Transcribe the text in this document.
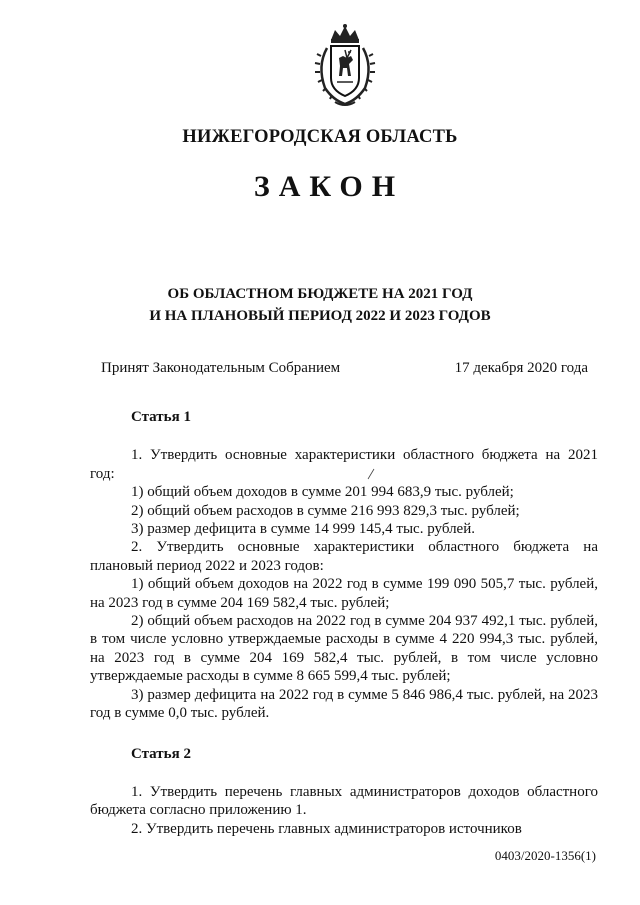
НИЖЕГОРОДСКАЯ ОБЛАСТЬ
ЗАКОН
ОБ ОБЛАСТНОМ БЮДЖЕТЕ НА 2021 ГОД
И НА ПЛАНОВЫЙ ПЕРИОД 2022 И 2023 ГОДОВ
Принят Законодательным Собранием	17 декабря 2020 года
Статья 1

1. Утвердить основные характеристики областного бюджета на 2021 год:

1) общий объем доходов в сумме 201 994 683,9 тыс. рублей;

2) общий объем расходов в сумме 216 993 829,3 тыс. рублей;

3) размер дефицита в сумме 14 999 145,4 тыс. рублей.

2. Утвердить основные характеристики областного бюджета на плановый период 2022 и 2023 годов:

1) общий объем доходов на 2022 год в сумме 199 090 505,7 тыс. рублей, на 2023 год в сумме 204 169 582,4 тыс. рублей;

2) общий объем расходов на 2022 год в сумме 204 937 492,1 тыс. рублей, в том числе условно утверждаемые расходы в сумме 4 220 994,3 тыс. рублей, на 2023 год в сумме 204 169 582,4 тыс. рублей, в том числе условно утверждаемые расходы в сумме 8 665 599,4 тыс. рублей;

3) размер дефицита на 2022 год в сумме 5 846 986,4 тыс. рублей, на 2023 год в сумме 0,0 тыс. рублей.

Статья 2

1. Утвердить перечень главных администраторов доходов областного бюджета согласно приложению 1.

2. Утвердить перечень главных администраторов источников

0403/2020-1356(1)
